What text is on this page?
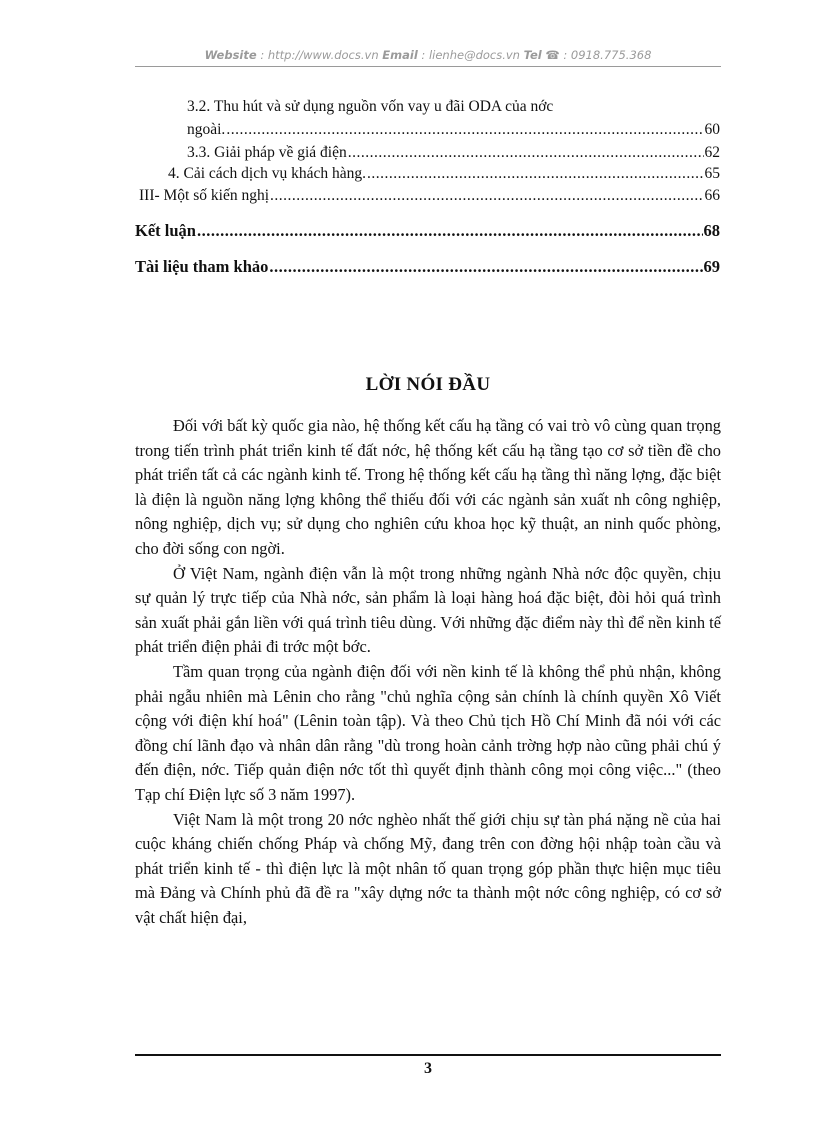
Website : http://www.docs.vn Email : lienhe@docs.vn Tel ☎ : 0918.775.368
3.2. Thu hút và sử dụng nguồn vốn vay u đãi ODA của nớc
ngoài. .....	60
3.3. Giải pháp về giá điện .....	62
4. Cải cách dịch vụ khách hàng. .....	65
III- Một số kiến nghị .....	66
Kết luận .....	68
Tài liệu tham khảo .....	69
LỜI NÓI ĐẦU

Đối với bất kỳ quốc gia nào, hệ thống kết cấu hạ tầng có vai trò vô cùng quan trọng trong tiến trình phát triển kinh tế đất nớc, hệ thống kết cấu hạ tầng tạo cơ sở tiền đề cho phát triển tất cả các ngành kinh tế. Trong hệ thống kết cấu hạ tầng thì năng lợng, đặc biệt là điện là nguồn năng lợng không thể thiếu đối với các ngành sản xuất nh công nghiệp, nông nghiệp, dịch vụ; sử dụng cho nghiên cứu khoa học kỹ thuật, an ninh quốc phòng, cho đời sống con ngời.

Ở Việt Nam, ngành điện vẫn là một trong những ngành Nhà nớc độc quyền, chịu sự quản lý trực tiếp của Nhà nớc, sản phẩm là loại hàng hoá đặc biệt, đòi hỏi quá trình sản xuất phải gắn liền với quá trình tiêu dùng. Với những đặc điểm này thì để nền kinh tế phát triển điện phải đi trớc một bớc.

Tầm quan trọng của ngành điện đối với nền kinh tế là không thể phủ nhận, không phải ngẫu nhiên mà Lênin cho rằng "chủ nghĩa cộng sản chính là chính quyền Xô Viết cộng với điện khí hoá" (Lênin toàn tập). Và theo Chủ tịch Hồ Chí Minh đã nói với các đồng chí lãnh đạo và nhân dân rằng "dù trong hoàn cảnh trờng hợp nào cũng phải chú ý đến điện, nớc. Tiếp quản điện nớc tốt thì quyết định thành công mọi công việc..." (theo Tạp chí Điện lực số 3 năm 1997).

Việt Nam là một trong 20 nớc nghèo nhất thế giới chịu sự tàn phá nặng nề của hai cuộc kháng chiến chống Pháp và chống Mỹ, đang trên con đờng hội nhập toàn cầu và phát triển kinh tế - thì điện lực là một nhân tố quan trọng góp phần thực hiện mục tiêu mà Đảng và Chính phủ đã đề ra "xây dựng nớc ta thành một nớc công nghiệp, có cơ sở vật chất hiện đại,

3
